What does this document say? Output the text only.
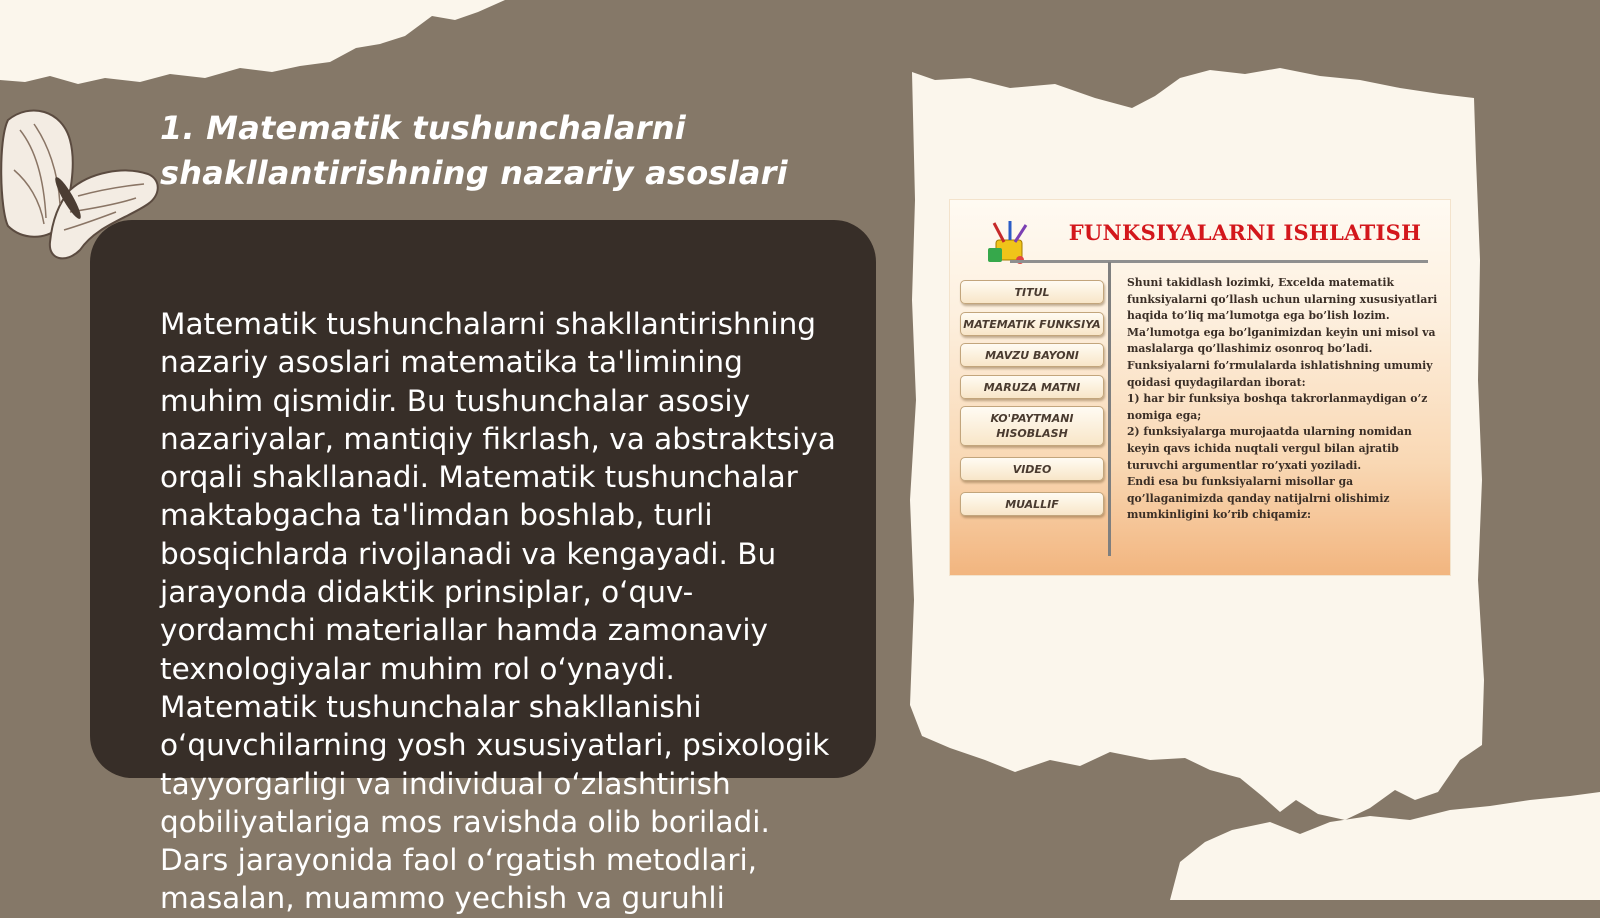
1. Matematik tushunchalarni shakllantirishning nazariy asoslari

Matematik tushunchalarni shakllantirishning nazariy asoslari matematika ta'limining muhim qismidir. Bu tushunchalar asosiy nazariyalar, mantiqiy fikrlash, va abstraktsiya orqali shakllanadi. Matematik tushunchalar maktabgacha ta'limdan boshlab, turli bosqichlarda rivojlanadi va kengayadi. Bu jarayonda didaktik prinsiplar, o‘quv-yordamchi materiallar hamda zamonaviy texnologiyalar muhim rol o‘ynaydi. Matematik tushunchalar shakllanishi o‘quvchilarning yosh xususiyatlari, psixologik tayyorgarligi va individual o‘zlashtirish qobiliyatlariga mos ravishda olib boriladi. Dars jarayonida faol o‘rgatish metodlari, masalan, muammo yechish va guruhli

FUNKSIYALARNI ISHLATISH
TITUL
MATEMATIK FUNKSIYA
MAVZU BAYONI
MARUZA MATNI
KO'PAYTMANI HISOBLASH
VIDEO
MUALLIF

Shuni takidlash lozimki, Excelda matematik funksiyalarni qo’llash uchun ularning xususiyatlari haqida to’liq ma’lumotga ega bo’lish lozim. Ma’lumotga ega bo’lganimizdan keyin uni misol va maslalarga qo’llashimiz osonroq bo’ladi.
Funksiyalarni fo’rmulalarda ishlatishning umumiy qoidasi quydagilardan iborat:
1) har bir funksiya boshqa takrorlanmaydigan o’z nomiga ega;
2) funksiyalarga murojaatda ularning nomidan keyin qavs ichida nuqtali vergul bilan ajratib turuvchi argumentlar ro’yxati yoziladi.
Endi esa bu funksiyalarni misollar ga qo’llaganimizda qanday natijalrni olishimiz mumkinligini ko’rib chiqamiz:
